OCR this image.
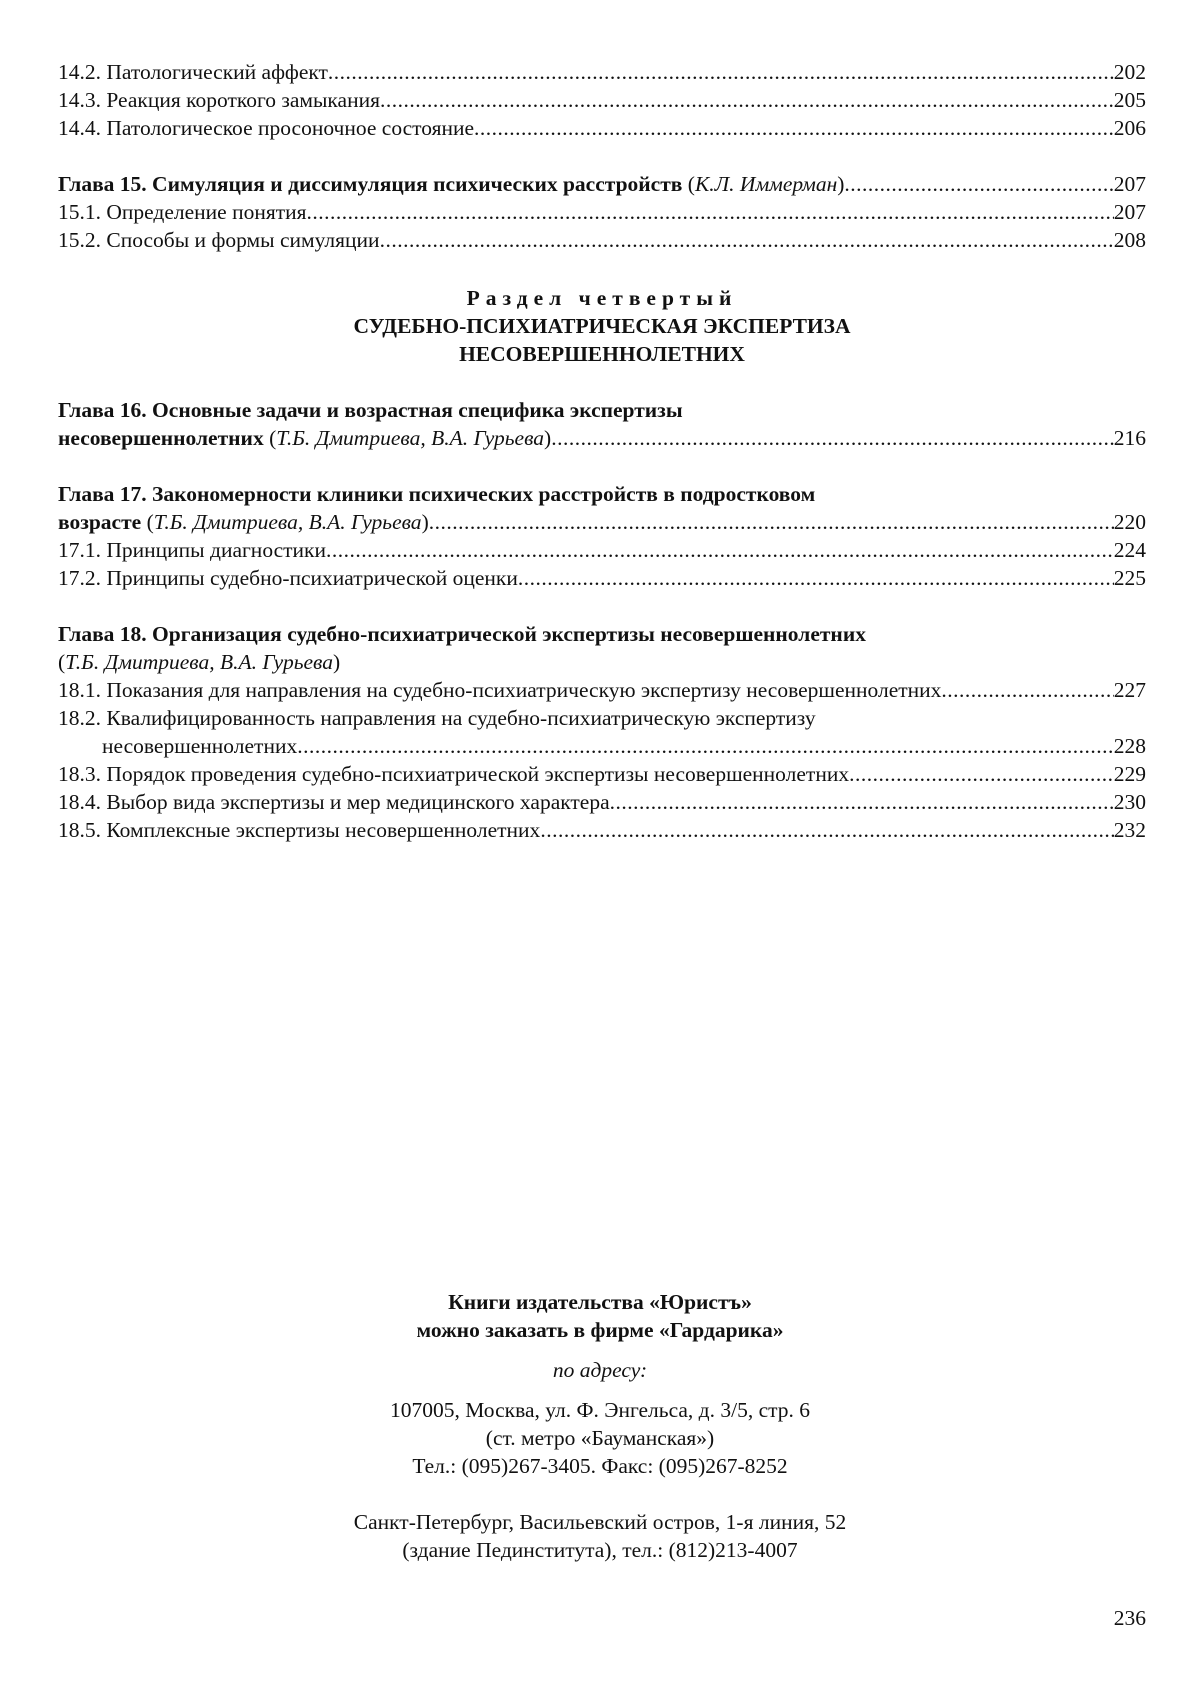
14.2. Патологический аффект .....	202
14.3. Реакция короткого замыкания .....	205
14.4. Патологическое просоночное состояние .....	206
Глава 15. Симуляция и диссимуляция психических расстройств (К.Л. Иммерман) .....	207
15.1. Определение понятия .....	207
15.2. Способы и формы симуляции .....	208
Раздел четвертый
СУДЕБНО-ПСИХИАТРИЧЕСКАЯ ЭКСПЕРТИЗА
НЕСОВЕРШЕННОЛЕТНИХ
Глава 16. Основные задачи и возрастная специфика экспертизы
несовершеннолетних (Т.Б. Дмитриева, В.А. Гурьева) .....	216
Глава 17. Закономерности клиники психических расстройств в подростковом
возрасте (Т.Б. Дмитриева, В.А. Гурьева) .....	220
17.1. Принципы диагностики .....	224
17.2. Принципы судебно-психиатрической оценки .....	225
Глава 18. Организация судебно-психиатрической экспертизы несовершеннолетних
(Т.Б. Дмитриева, В.А. Гурьева)
18.1. Показания для направления на судебно-психиатрическую экспертизу несовершеннолетних .....	227
18.2. Квалифицированность направления на судебно-психиатрическую экспертизу
несовершеннолетних .....	228
18.3. Порядок проведения судебно-психиатрической экспертизы несовершеннолетних .....	229
18.4. Выбор вида экспертизы и мер медицинского характера .....	230
18.5. Комплексные экспертизы несовершеннолетних .....	232
Книги издательства «Юристъ»
можно заказать в фирме «Гардарика»
по адресу:
107005, Москва, ул. Ф. Энгельса, д. 3/5, стр. 6
(ст. метро «Бауманская»)
Тел.: (095)267-3405. Факс: (095)267-8252
Санкт-Петербург, Васильевский остров, 1-я линия, 52
(здание Пединститута), тел.: (812)213-4007
236
